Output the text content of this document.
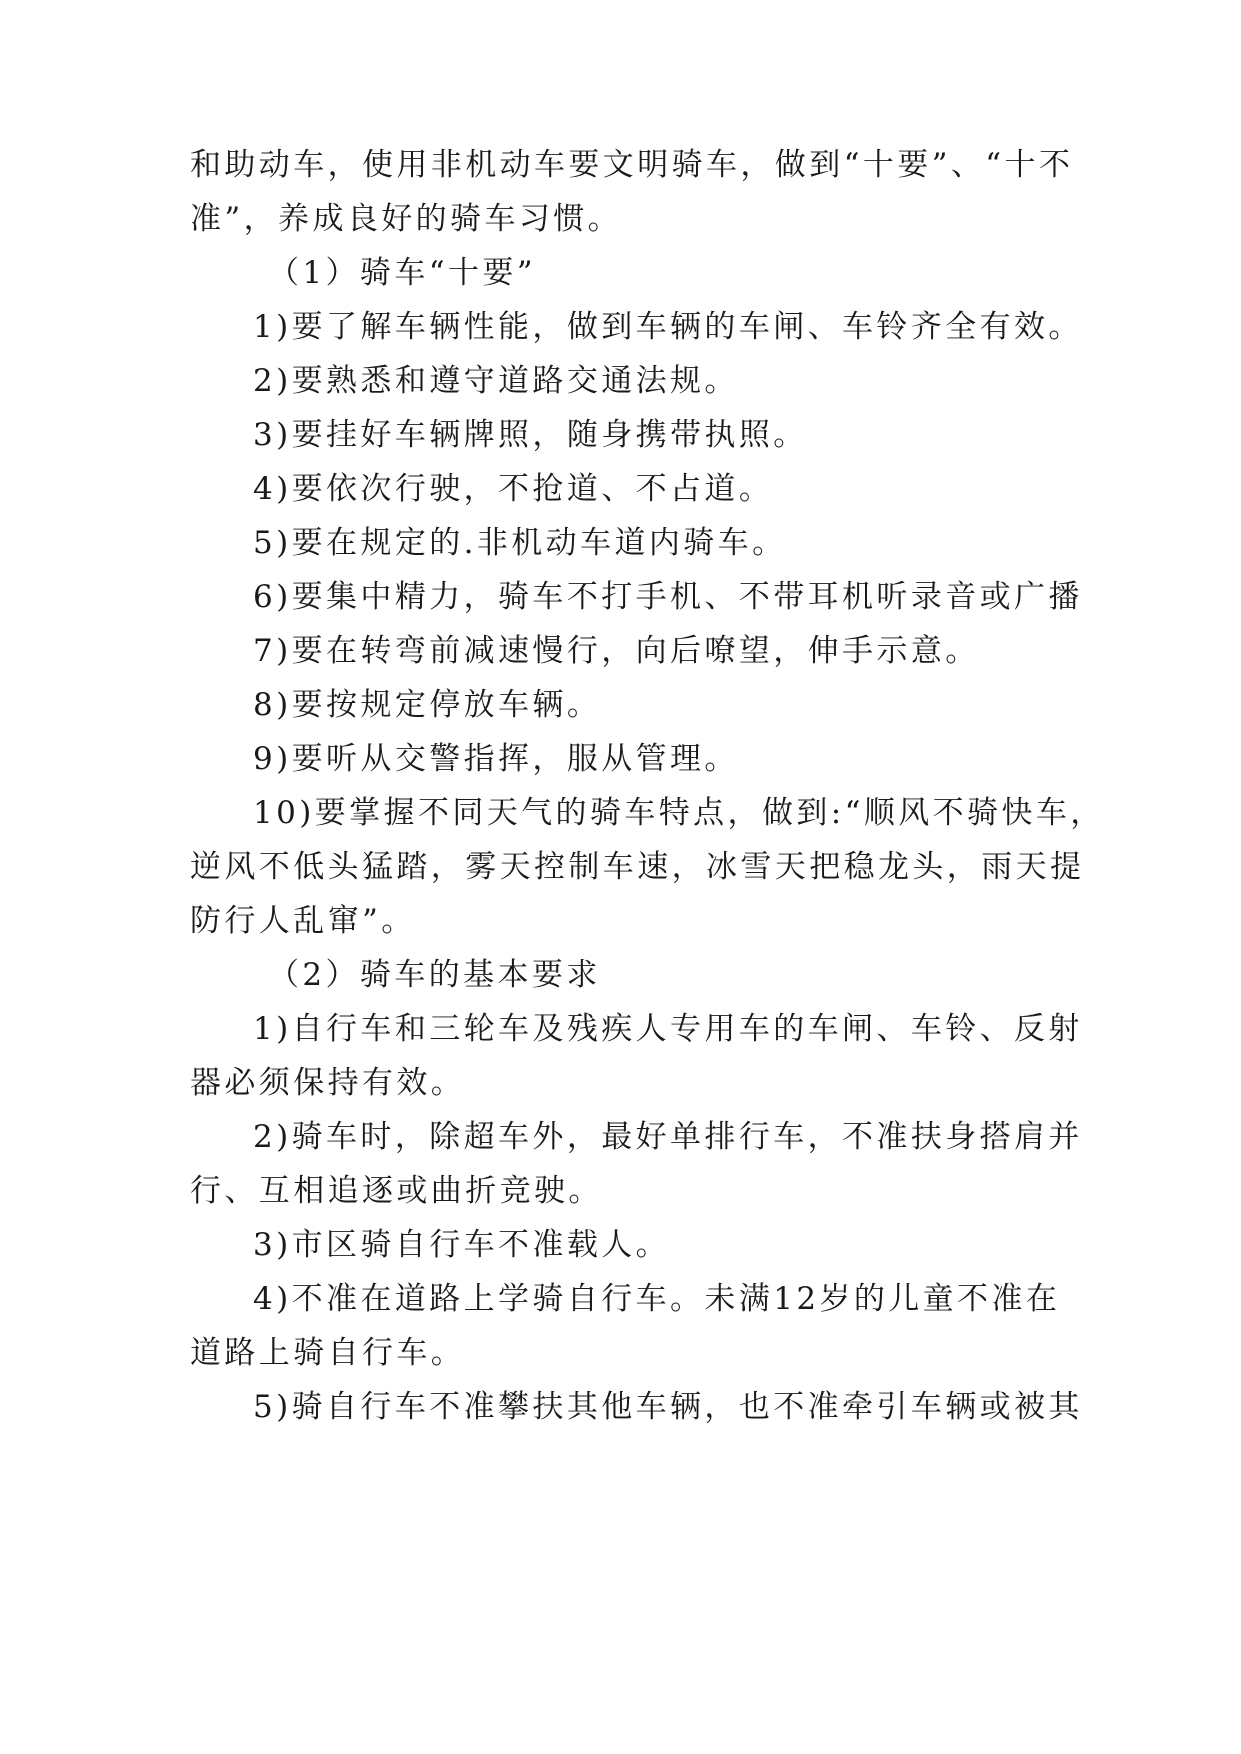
和助动车，使用非机动车要文明骑车，做到“十要”、“十不
准”，养成良好的骑车习惯。
（1）骑车“十要”
1)要了解车辆性能，做到车辆的车闸、车铃齐全有效。
2)要熟悉和遵守道路交通法规。
3)要挂好车辆牌照，随身携带执照。
4)要依次行驶，不抢道、不占道。
5)要在规定的.非机动车道内骑车。
6)要集中精力，骑车不打手机、不带耳机听录音或广播
7)要在转弯前减速慢行，向后嘹望，伸手示意。
8)要按规定停放车辆。
9)要听从交警指挥，服从管理。
10)要掌握不同天气的骑车特点，做到:“顺风不骑快车，
逆风不低头猛踏，雾天控制车速，冰雪天把稳龙头，雨天提
防行人乱窜”。
（2）骑车的基本要求
1)自行车和三轮车及残疾人专用车的车闸、车铃、反射
器必须保持有效。
2)骑车时，除超车外，最好单排行车，不准扶身搭肩并
行、互相追逐或曲折竞驶。
3)市区骑自行车不准载人。
4)不准在道路上学骑自行车。未满12岁的儿童不准在
道路上骑自行车。
5)骑自行车不准攀扶其他车辆，也不准牵引车辆或被其
